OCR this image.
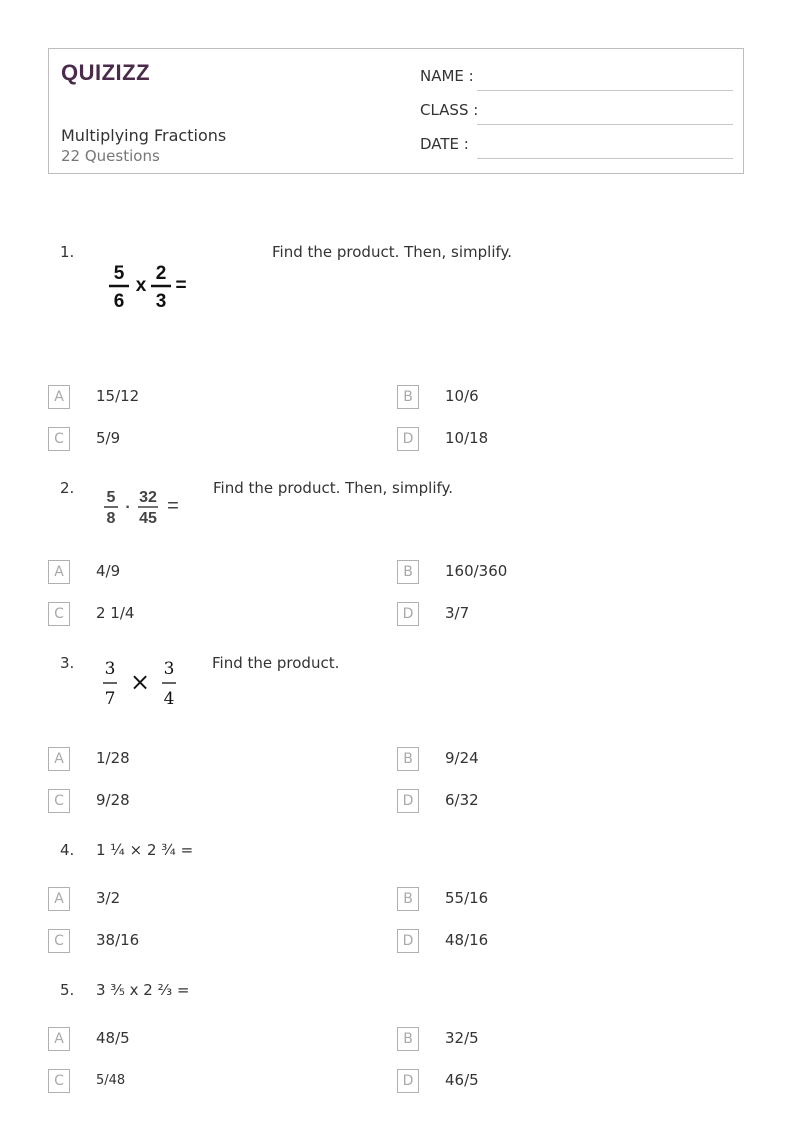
QUIZIZZ
Multiplying Fractions
22 Questions
NAME :
CLASS :
DATE :
1.
5
6
x
2
3
=
Find the product. Then, simplify.
A	15/12	B	10/6
C	5/9	D	10/18
2.
5
8
·
32
45
=
Find the product. Then, simplify.
A	4/9	B	160/360
C	2 1/4	D	3/7
3. 3
7
× 3
4
Find the product.
A	1/28	B	9/24
C	9/28	D	6/32
4. 1 ¼ × 2 ¾ =
A	3/2	B	55/16
C	38/16	D	48/16
5. 3 ³⁄₅ x 2 ²⁄₃ =
A	48/5	B	32/5
C	5/48	D	46/5
